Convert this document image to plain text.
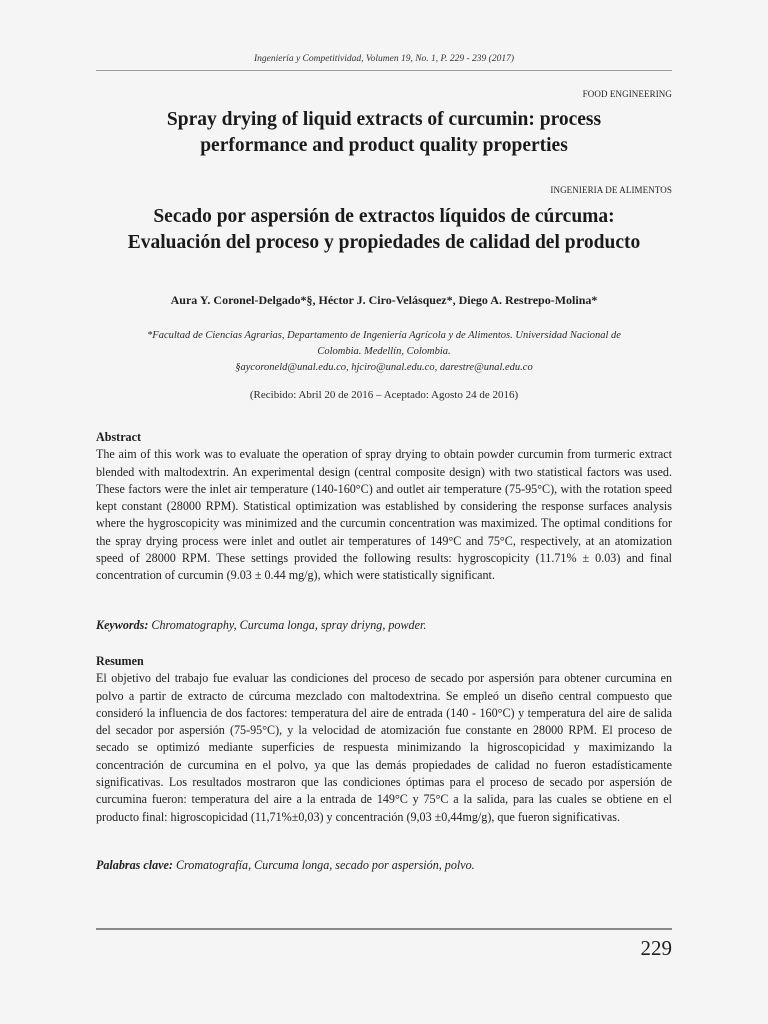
Ingeniería y Competitividad, Volumen 19, No. 1, P. 229 - 239 (2017)
FOOD ENGINEERING
Spray drying of liquid extracts of curcumin: process
performance and product quality properties
INGENIERIA DE ALIMENTOS
Secado por aspersión de extractos líquidos de cúrcuma:
Evaluación del proceso y propiedades de calidad del producto
Aura Y. Coronel-Delgado*§, Héctor J. Ciro-Velásquez*, Diego A. Restrepo-Molina*
*Facultad de Ciencias Agrarias, Departamento de Ingeniería Agrícola y de Alimentos. Universidad Nacional de
Colombia. Medellín, Colombia.
§aycoroneld@unal.edu.co, hjciro@unal.edu.co, darestre@unal.edu.co
(Recibido: Abril 20 de 2016 – Aceptado: Agosto 24 de 2016)
Abstract

The aim of this work was to evaluate the operation of spray drying to obtain powder curcumin from turmeric extract blended with maltodextrin. An experimental design (central composite design) with two statistical factors was used. These factors were the inlet air temperature (140-160°C) and outlet air temperature (75-95°C), with the rotation speed kept constant (28000 RPM). Statistical optimization was established by considering the response surfaces analysis where the hygroscopicity was minimized and the curcumin concentration was maximized. The optimal conditions for the spray drying process were inlet and outlet air temperatures of 149°C and 75°C, respectively, at an atomization speed of 28000 RPM. These settings provided the following results: hygroscopicity (11.71% ± 0.03) and final concentration of curcumin (9.03 ± 0.44 mg/g), which were statistically significant.

Keywords: Chromatography, Curcuma longa, spray driyng, powder.
Resumen

El objetivo del trabajo fue evaluar las condiciones del proceso de secado por aspersión para obtener curcumina en polvo a partir de extracto de cúrcuma mezclado con maltodextrina. Se empleó un diseño central compuesto que consideró la influencia de dos factores: temperatura del aire de entrada (140 - 160°C) y temperatura del aire de salida del secador por aspersión (75-95°C), y la velocidad de atomización fue constante en 28000 RPM. El proceso de secado se optimizó mediante superficies de respuesta minimizando la higroscopicidad y maximizando la concentración de curcumina en el polvo, ya que las demás propiedades de calidad no fueron estadísticamente significativas. Los resultados mostraron que las condiciones óptimas para el proceso de secado por aspersión de curcumina fueron: temperatura del aire a la entrada de 149°C y 75°C a la salida, para las cuales se obtiene en el producto final: higroscopicidad (11,71%±0,03) y concentración (9,03 ±0,44mg/g), que fueron significativas.

Palabras clave: Cromatografía, Curcuma longa, secado por aspersión, polvo.
229
